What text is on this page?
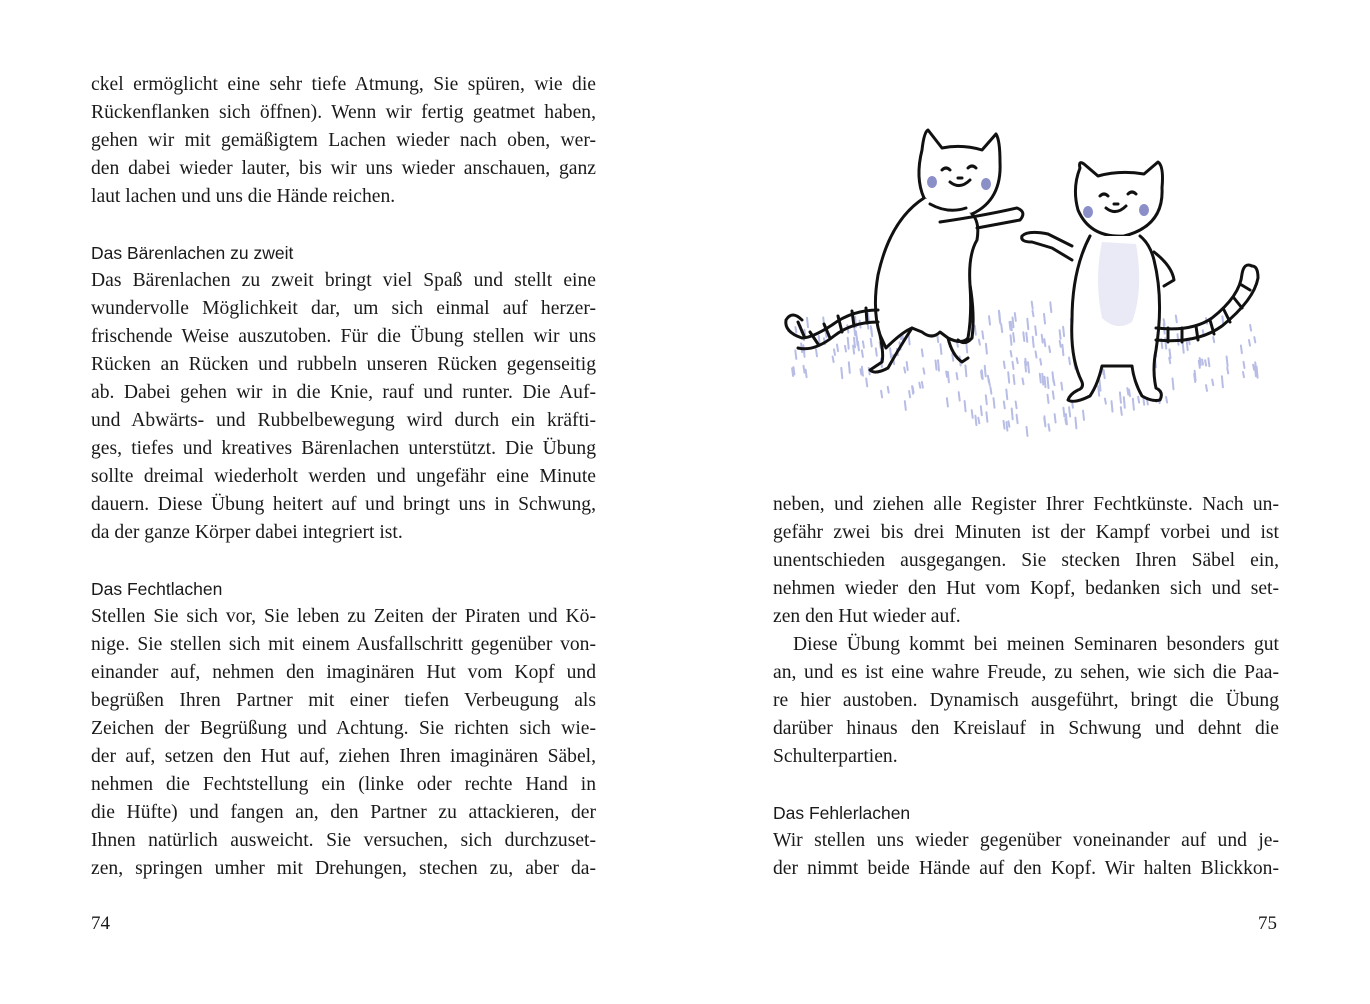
ckel ermöglicht eine sehr tiefe Atmung, Sie spüren, wie die
Rückenflanken sich öffnen). Wenn wir fertig geatmet haben,
gehen wir mit gemäßigtem Lachen wieder nach oben, wer-
den dabei wieder lauter, bis wir uns wieder anschauen, ganz
laut lachen und uns die Hände reichen.
Das Bärenlachen zu zweit
Das Bärenlachen zu zweit bringt viel Spaß und stellt eine
wundervolle Möglichkeit dar, um sich einmal auf herzer-
frischende Weise auszutoben. Für die Übung stellen wir uns
Rücken an Rücken und rubbeln unseren Rücken gegenseitig
ab. Dabei gehen wir in die Knie, rauf und runter. Die Auf-
und Abwärts- und Rubbelbewegung wird durch ein kräfti-
ges, tiefes und kreatives Bärenlachen unterstützt. Die Übung
sollte dreimal wiederholt werden und ungefähr eine Minute
dauern. Diese Übung heitert auf und bringt uns in Schwung,
da der ganze Körper dabei integriert ist.
Das Fechtlachen
Stellen Sie sich vor, Sie leben zu Zeiten der Piraten und Kö-
nige. Sie stellen sich mit einem Ausfallschritt gegenüber von-
einander auf, nehmen den imaginären Hut vom Kopf und
begrüßen Ihren Partner mit einer tiefen Verbeugung als
Zeichen der Begrüßung und Achtung. Sie richten sich wie-
der auf, setzen den Hut auf, ziehen Ihren imaginären Säbel,
nehmen die Fechtstellung ein (linke oder rechte Hand in
die Hüfte) und fangen an, den Partner zu attackieren, der
Ihnen natürlich ausweicht. Sie versuchen, sich durchzuset-
zen, springen umher mit Drehungen, stechen zu, aber da-
74
neben, und ziehen alle Register Ihrer Fechtkünste. Nach un-
gefähr zwei bis drei Minuten ist der Kampf vorbei und ist
unentschieden ausgegangen. Sie stecken Ihren Säbel ein,
nehmen wieder den Hut vom Kopf, bedanken sich und set-
zen den Hut wieder auf.
Diese Übung kommt bei meinen Seminaren besonders gut
an, und es ist eine wahre Freude, zu sehen, wie sich die Paa-
re hier austoben. Dynamisch ausgeführt, bringt die Übung
darüber hinaus den Kreislauf in Schwung und dehnt die
Schulterpartien.
Das Fehlerlachen
Wir stellen uns wieder gegenüber voneinander auf und je-
der nimmt beide Hände auf den Kopf. Wir halten Blickkon-
75
